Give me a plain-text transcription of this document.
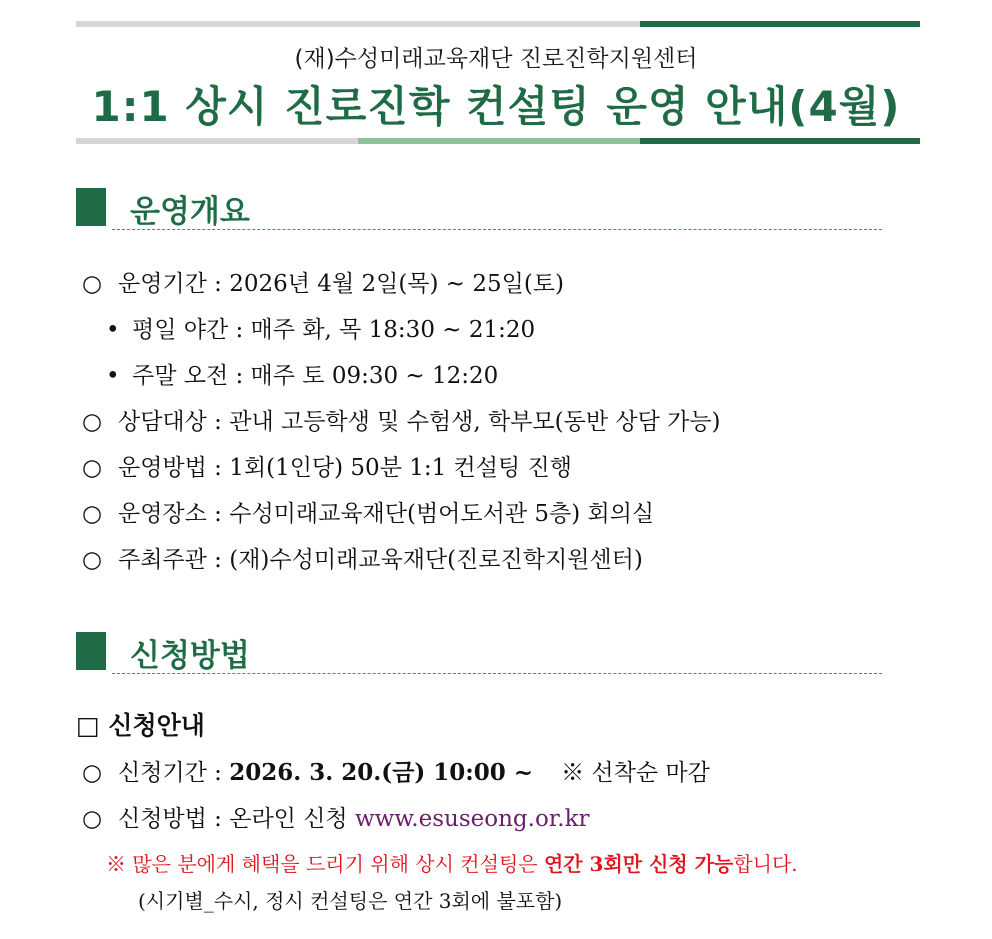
(재)수성미래교육재단 진로진학지원센터
1:1 상시 진로진학 컨설팅 운영 안내(4월)
운영개요
○ 운영기간 : 2026년 4월 2일(목) ~ 25일(토)
• 평일 야간 : 매주 화, 목 18:30 ~ 21:20
• 주말 오전 : 매주 토 09:30 ~ 12:20
○ 상담대상 : 관내 고등학생 및 수험생, 학부모(동반 상담 가능)
○ 운영방법 : 1회(1인당) 50분 1:1 컨설팅 진행
○ 운영장소 : 수성미래교육재단(범어도서관 5층) 회의실
○ 주최주관 : (재)수성미래교육재단(진로진학지원센터)
신청방법
□ 신청안내
○ 신청기간 : 2026. 3. 20.(금) 10:00 ~ ※ 선착순 마감
○ 신청방법 : 온라인 신청 www.esuseong.or.kr
※ 많은 분에게 혜택을 드리기 위해 상시 컨설팅은 연간 3회만 신청 가능합니다.
(시기별_수시, 정시 컨설팅은 연간 3회에 불포함)
